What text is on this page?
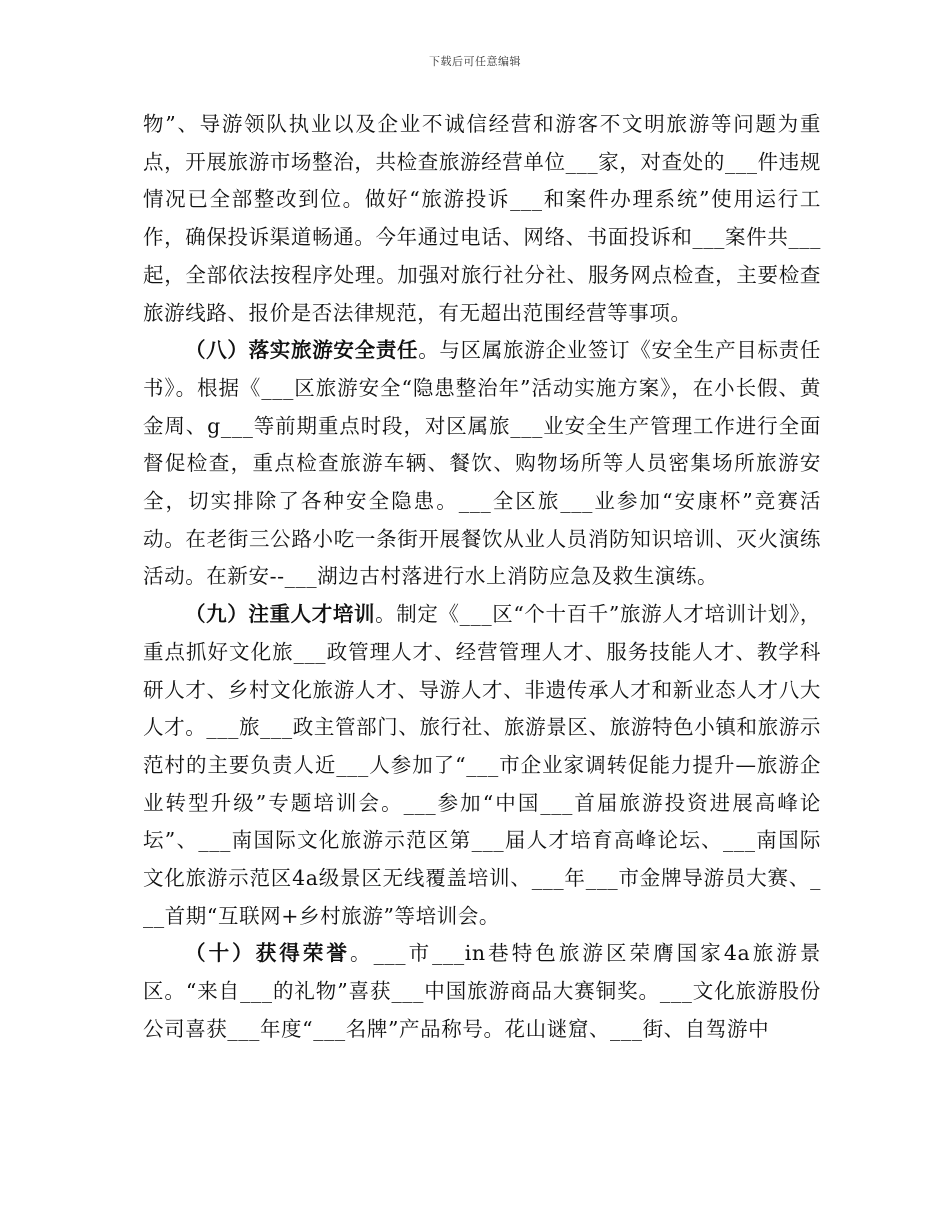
下载后可任意编辑

物”、导游领队执业以及企业不诚信经营和游客不文明旅游等问题为重点，开展旅游市场整治，共检查旅游经营单位___家，对查处的___件违规情况已全部整改到位。做好“旅游投诉___和案件办理系统”使用运行工作，确保投诉渠道畅通。今年通过电话、网络、书面投诉和___案件共___起，全部依法按程序处理。加强对旅行社分社、服务网点检查，主要检查旅游线路、报价是否法律规范，有无超出范围经营等事项。

（八）落实旅游安全责任。与区属旅游企业签订《安全生产目标责任书》。根据《___区旅游安全“隐患整治年”活动实施方案》，在小长假、黄金周、g___等前期重点时段，对区属旅___业安全生产管理工作进行全面督促检查，重点检查旅游车辆、餐饮、购物场所等人员密集场所旅游安全，切实排除了各种安全隐患。___全区旅___业参加“安康杯”竞赛活动。在老街三公路小吃一条街开展餐饮从业人员消防知识培训、灭火演练活动。在新安--___湖边古村落进行水上消防应急及救生演练。

（九）注重人才培训。制定《___区“个十百千”旅游人才培训计划》，重点抓好文化旅___政管理人才、经营管理人才、服务技能人才、教学科研人才、乡村文化旅游人才、导游人才、非遗传承人才和新业态人才八大人才。___旅___政主管部门、旅行社、旅游景区、旅游特色小镇和旅游示范村的主要负责人近___人参加了“___市企业家调转促能力提升—旅游企业转型升级”专题培训会。___参加“中国___首届旅游投资进展高峰论坛”、___南国际文化旅游示范区第___届人才培育高峰论坛、___南国际文化旅游示范区4a级景区无线覆盖培训、___年___市金牌导游员大赛、___首期“互联网+乡村旅游”等培训会。

（十）获得荣誉。___市___in巷特色旅游区荣膺国家4a旅游景区。“来自___的礼物”喜获___中国旅游商品大赛铜奖。___文化旅游股份公司喜获___年度“___名牌”产品称号。花山谜窟、___街、自驾游中
